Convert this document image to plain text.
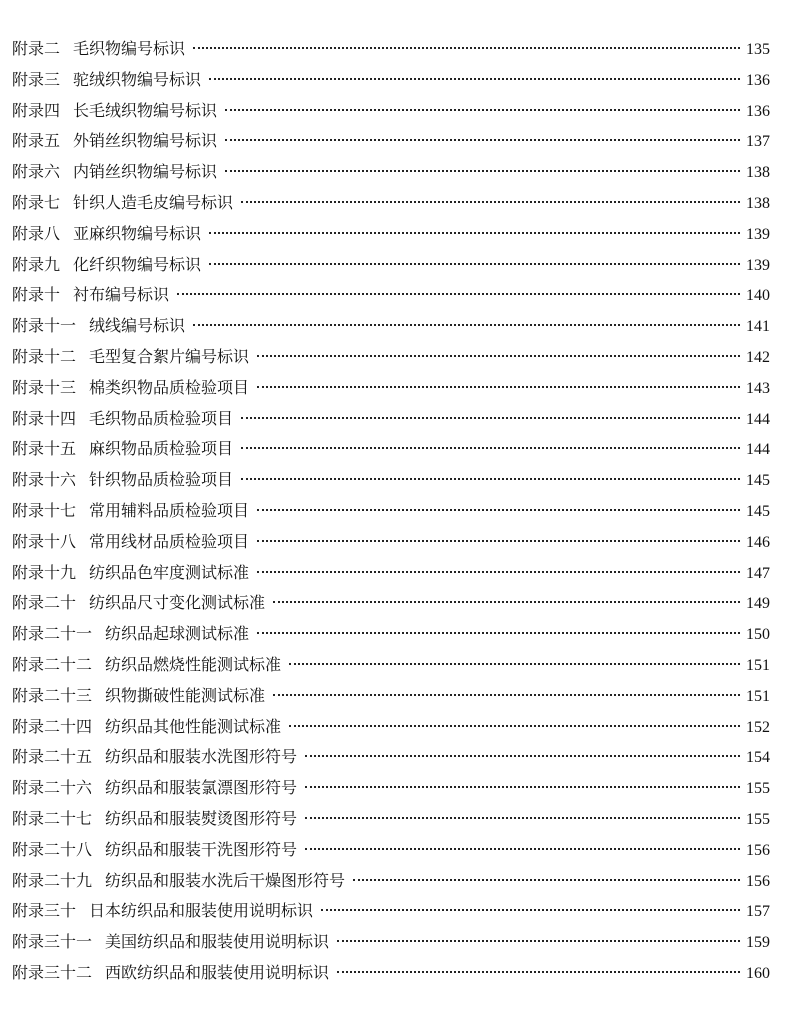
附录二 毛织物编号标识	135
附录三 驼绒织物编号标识	136
附录四 长毛绒织物编号标识	136
附录五 外销丝织物编号标识	137
附录六 内销丝织物编号标识	138
附录七 针织人造毛皮编号标识	138
附录八 亚麻织物编号标识	139
附录九 化纤织物编号标识	139
附录十 衬布编号标识	140
附录十一 绒线编号标识	141
附录十二 毛型复合絮片编号标识	142
附录十三 棉类织物品质检验项目	143
附录十四 毛织物品质检验项目	144
附录十五 麻织物品质检验项目	144
附录十六 针织物品质检验项目	145
附录十七 常用辅料品质检验项目	145
附录十八 常用线材品质检验项目	146
附录十九 纺织品色牢度测试标准	147
附录二十 纺织品尺寸变化测试标准	149
附录二十一 纺织品起球测试标准	150
附录二十二 纺织品燃烧性能测试标准	151
附录二十三 织物撕破性能测试标准	151
附录二十四 纺织品其他性能测试标准	152
附录二十五 纺织品和服装水洗图形符号	154
附录二十六 纺织品和服装氯漂图形符号	155
附录二十七 纺织品和服装熨烫图形符号	155
附录二十八 纺织品和服装干洗图形符号	156
附录二十九 纺织品和服装水洗后干燥图形符号	156
附录三十 日本纺织品和服装使用说明标识	157
附录三十一 美国纺织品和服装使用说明标识	159
附录三十二 西欧纺织品和服装使用说明标识	160
